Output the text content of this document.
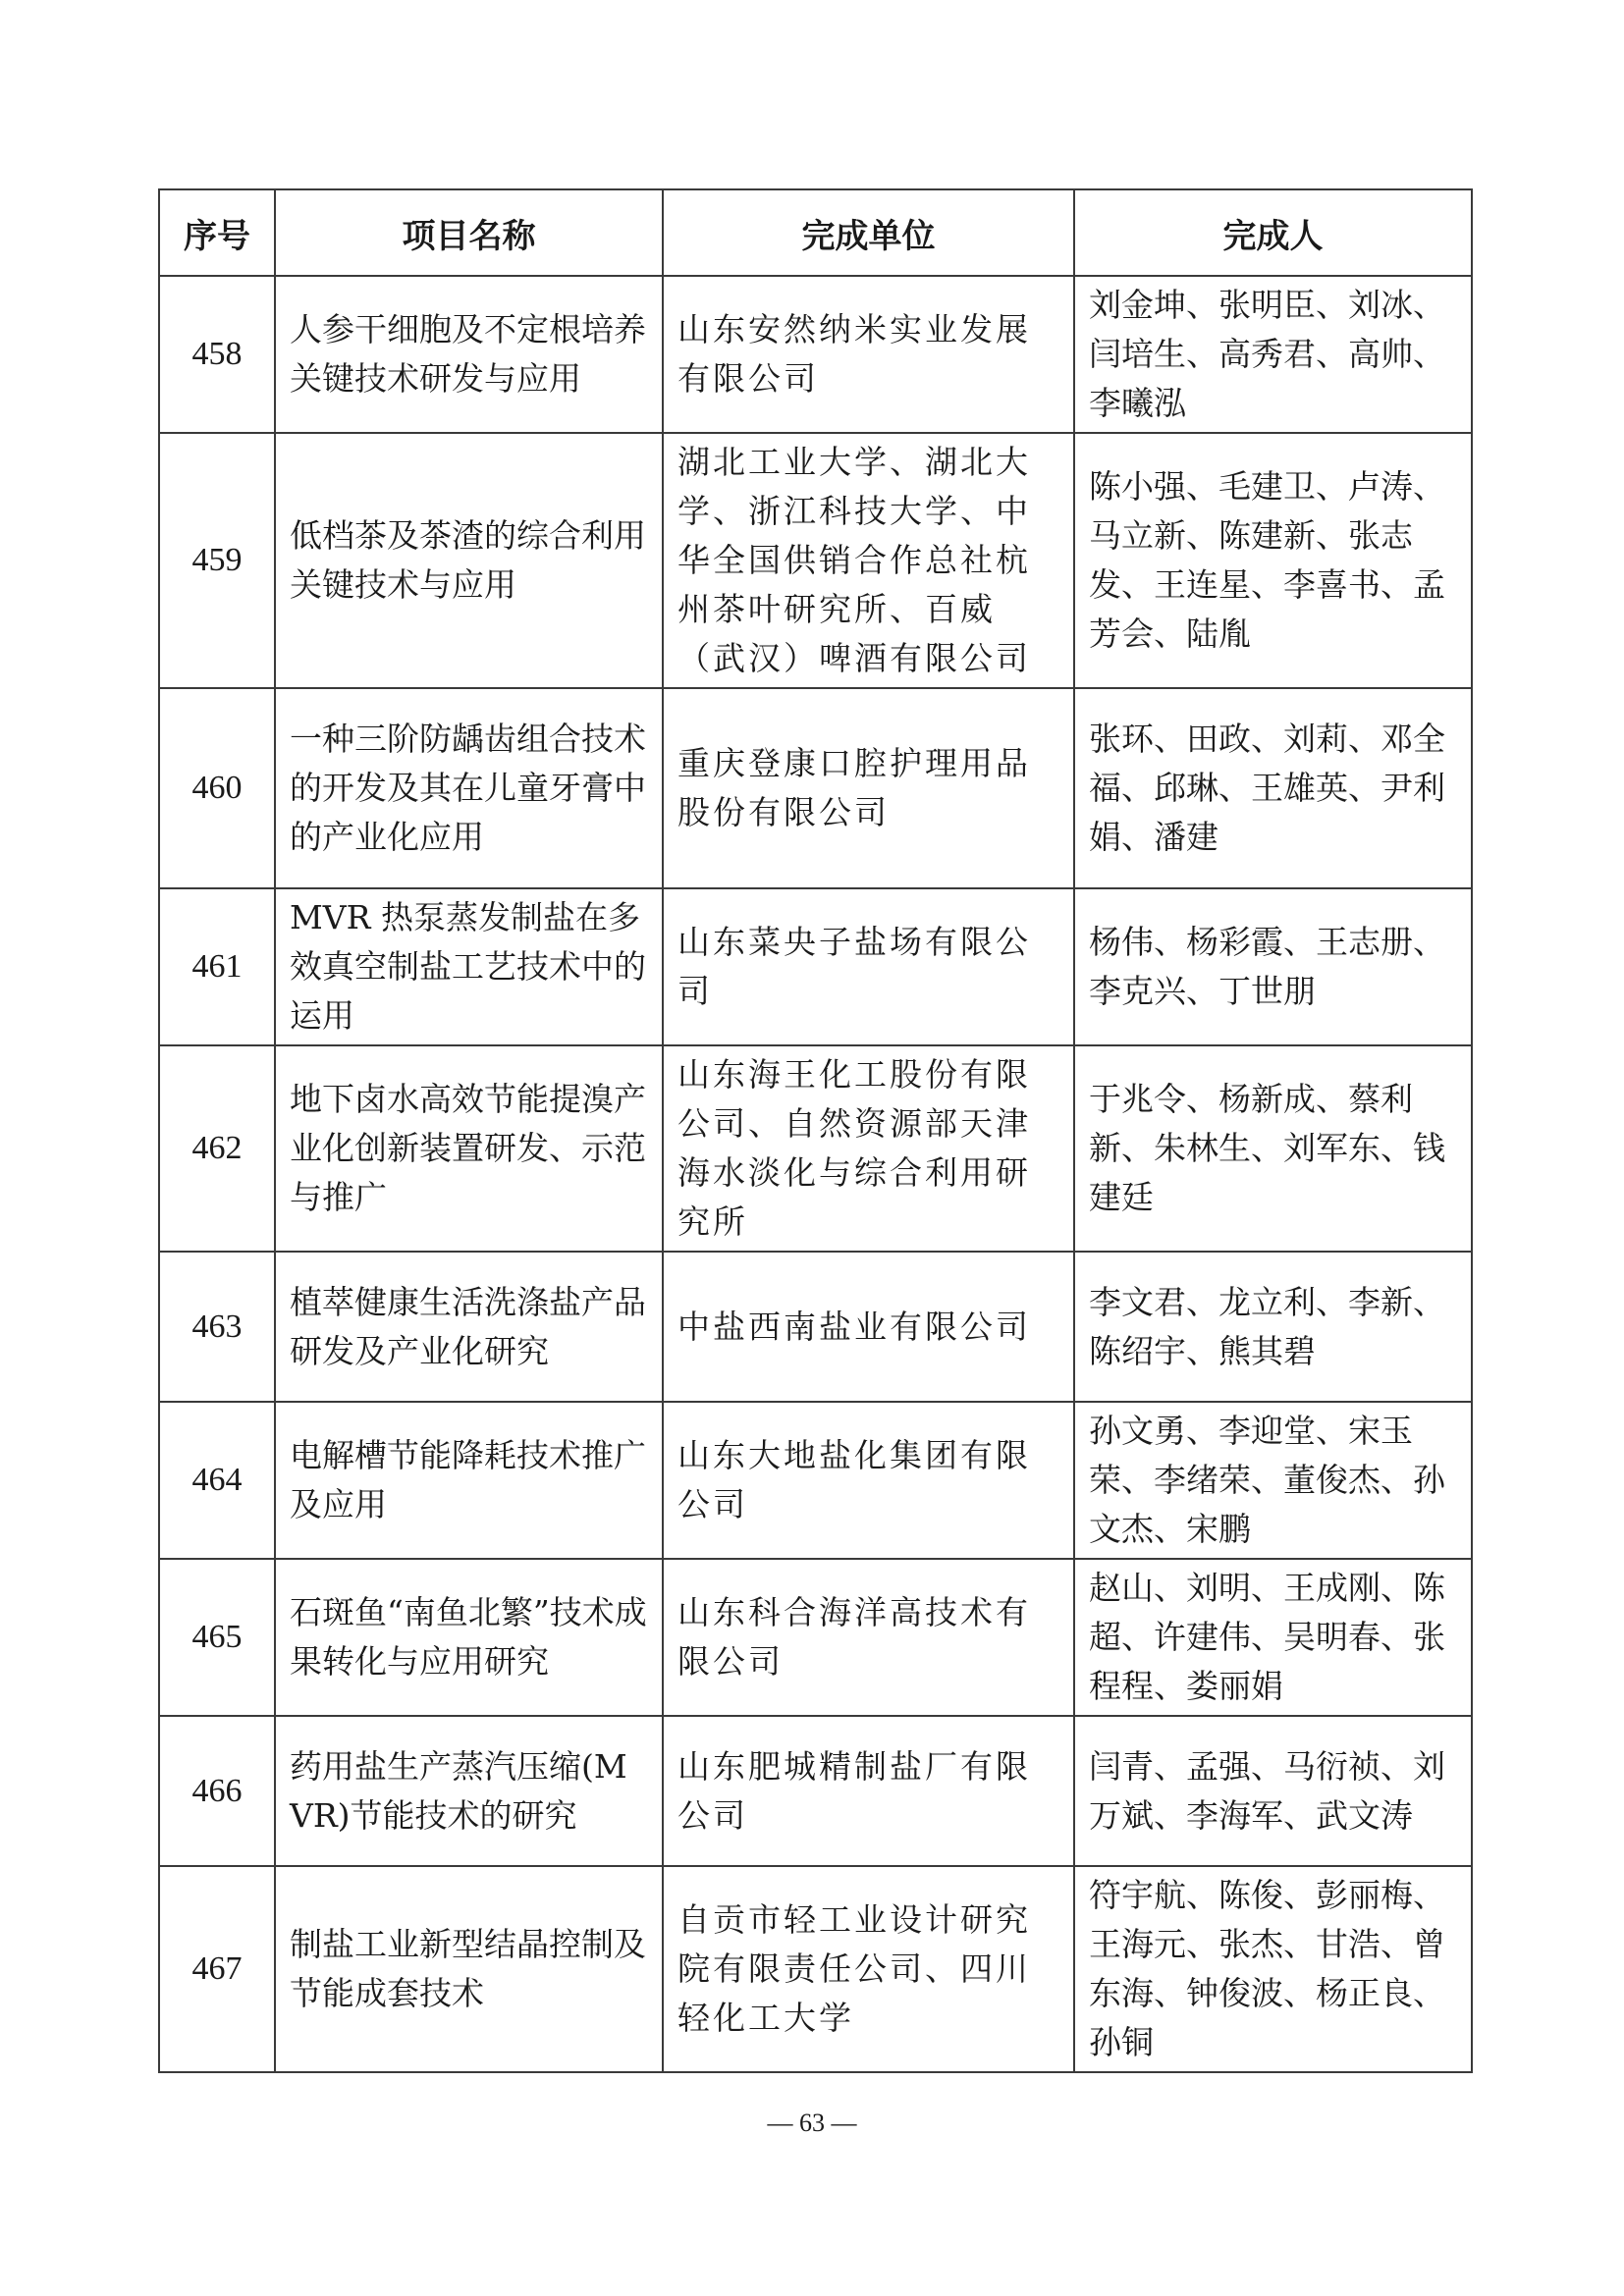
序号	项目名称	完成单位	完成人
458	人参干细胞及不定根培养关键技术研发与应用	山东安然纳米实业发展有限公司	刘金坤、张明臣、刘冰、闫培生、高秀君、高帅、李曦泓
459	低档茶及茶渣的综合利用关键技术与应用	湖北工业大学、湖北大学、浙江科技大学、中华全国供销合作总社杭州茶叶研究所、百威（武汉）啤酒有限公司	陈小强、毛建卫、卢涛、马立新、陈建新、张志发、王连星、李喜书、孟芳会、陆胤
460	一种三阶防龋齿组合技术的开发及其在儿童牙膏中的产业化应用	重庆登康口腔护理用品股份有限公司	张环、田政、刘莉、邓全福、邱琳、王雄英、尹利娟、潘建
461	MVR 热泵蒸发制盐在多效真空制盐工艺技术中的运用	山东菜央子盐场有限公司	杨伟、杨彩霞、王志册、李克兴、丁世朋
462	地下卤水高效节能提溴产业化创新装置研发、示范与推广	山东海王化工股份有限公司、自然资源部天津海水淡化与综合利用研究所	于兆令、杨新成、蔡利新、朱林生、刘军东、钱建廷
463	植萃健康生活洗涤盐产品研发及产业化研究	中盐西南盐业有限公司	李文君、龙立利、李新、陈绍宇、熊其碧
464	电解槽节能降耗技术推广及应用	山东大地盐化集团有限公司	孙文勇、李迎堂、宋玉荣、李绪荣、董俊杰、孙文杰、宋鹏
465	石斑鱼“南鱼北繁”技术成果转化与应用研究	山东科合海洋高技术有限公司	赵山、刘明、王成刚、陈超、许建伟、吴明春、张程程、娄丽娟
466	药用盐生产蒸汽压缩(MVR)节能技术的研究	山东肥城精制盐厂有限公司	闫青、孟强、马衍祯、刘万斌、李海军、武文涛
467	制盐工业新型结晶控制及节能成套技术	自贡市轻工业设计研究院有限责任公司、四川轻化工大学	符宇航、陈俊、彭丽梅、王海元、张杰、甘浩、曾东海、钟俊波、杨正良、孙铜
— 63 —
